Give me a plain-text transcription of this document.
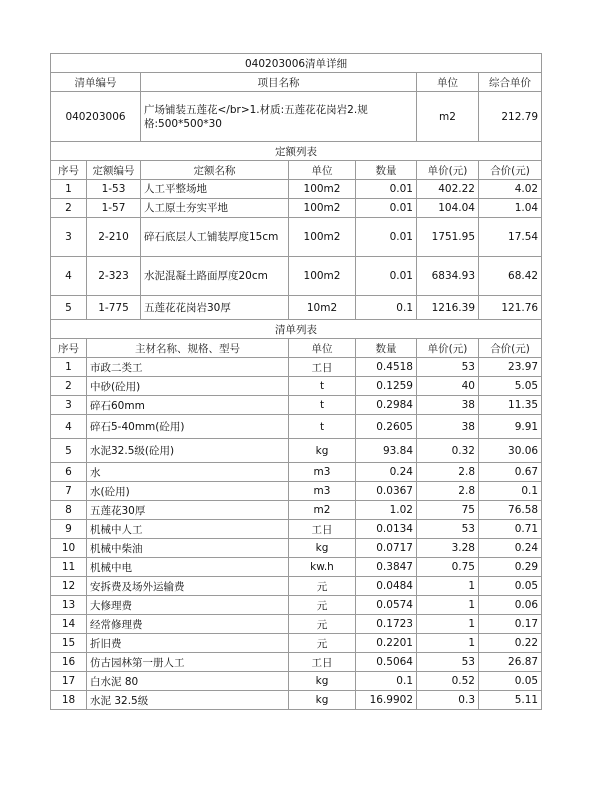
040203006清单详细						
清单编号		项目名称			单位	综合单价
040203006		广场铺装五莲花</br>1.材质:五莲花花岗岩2.规格:500*500*30			m2	212.79
定额列表						
序号	定额编号	定额名称	单位	数量	单价(元)	合价(元)
1	1-53	人工平整场地	100m2	0.01	402.22	4.02
2	1-57	人工原土夯实平地	100m2	0.01	104.04	1.04
3	2-210	碎石底层人工铺装厚度15cm	100m2	0.01	1751.95	17.54
4	2-323	水泥混凝土路面厚度20cm	100m2	0.01	6834.93	68.42
5	1-775	五莲花花岗岩30厚	10m2	0.1	1216.39	121.76
清单列表						
序号	主材名称、规格、型号		单位	数量	单价(元)	合价(元)
1	市政二类工		工日	0.4518	53	23.97
2	中砂(砼用)		t	0.1259	40	5.05
3	碎石60mm		t	0.2984	38	11.35
4	碎石5-40mm(砼用)		t	0.2605	38	9.91
5	水泥32.5级(砼用)		kg	93.84	0.32	30.06
6	水		m3	0.24	2.8	0.67
7	水(砼用)		m3	0.0367	2.8	0.1
8	五莲花30厚		m2	1.02	75	76.58
9	机械中人工		工日	0.0134	53	0.71
10	机械中柴油		kg	0.0717	3.28	0.24
11	机械中电		kw.h	0.3847	0.75	0.29
12	安拆费及场外运输费		元	0.0484	1	0.05
13	大修理费		元	0.0574	1	0.06
14	经常修理费		元	0.1723	1	0.17
15	折旧费		元	0.2201	1	0.22
16	仿古园林第一册人工		工日	0.5064	53	26.87
17	白水泥 80		kg	0.1	0.52	0.05
18	水泥 32.5级		kg	16.9902	0.3	5.11
